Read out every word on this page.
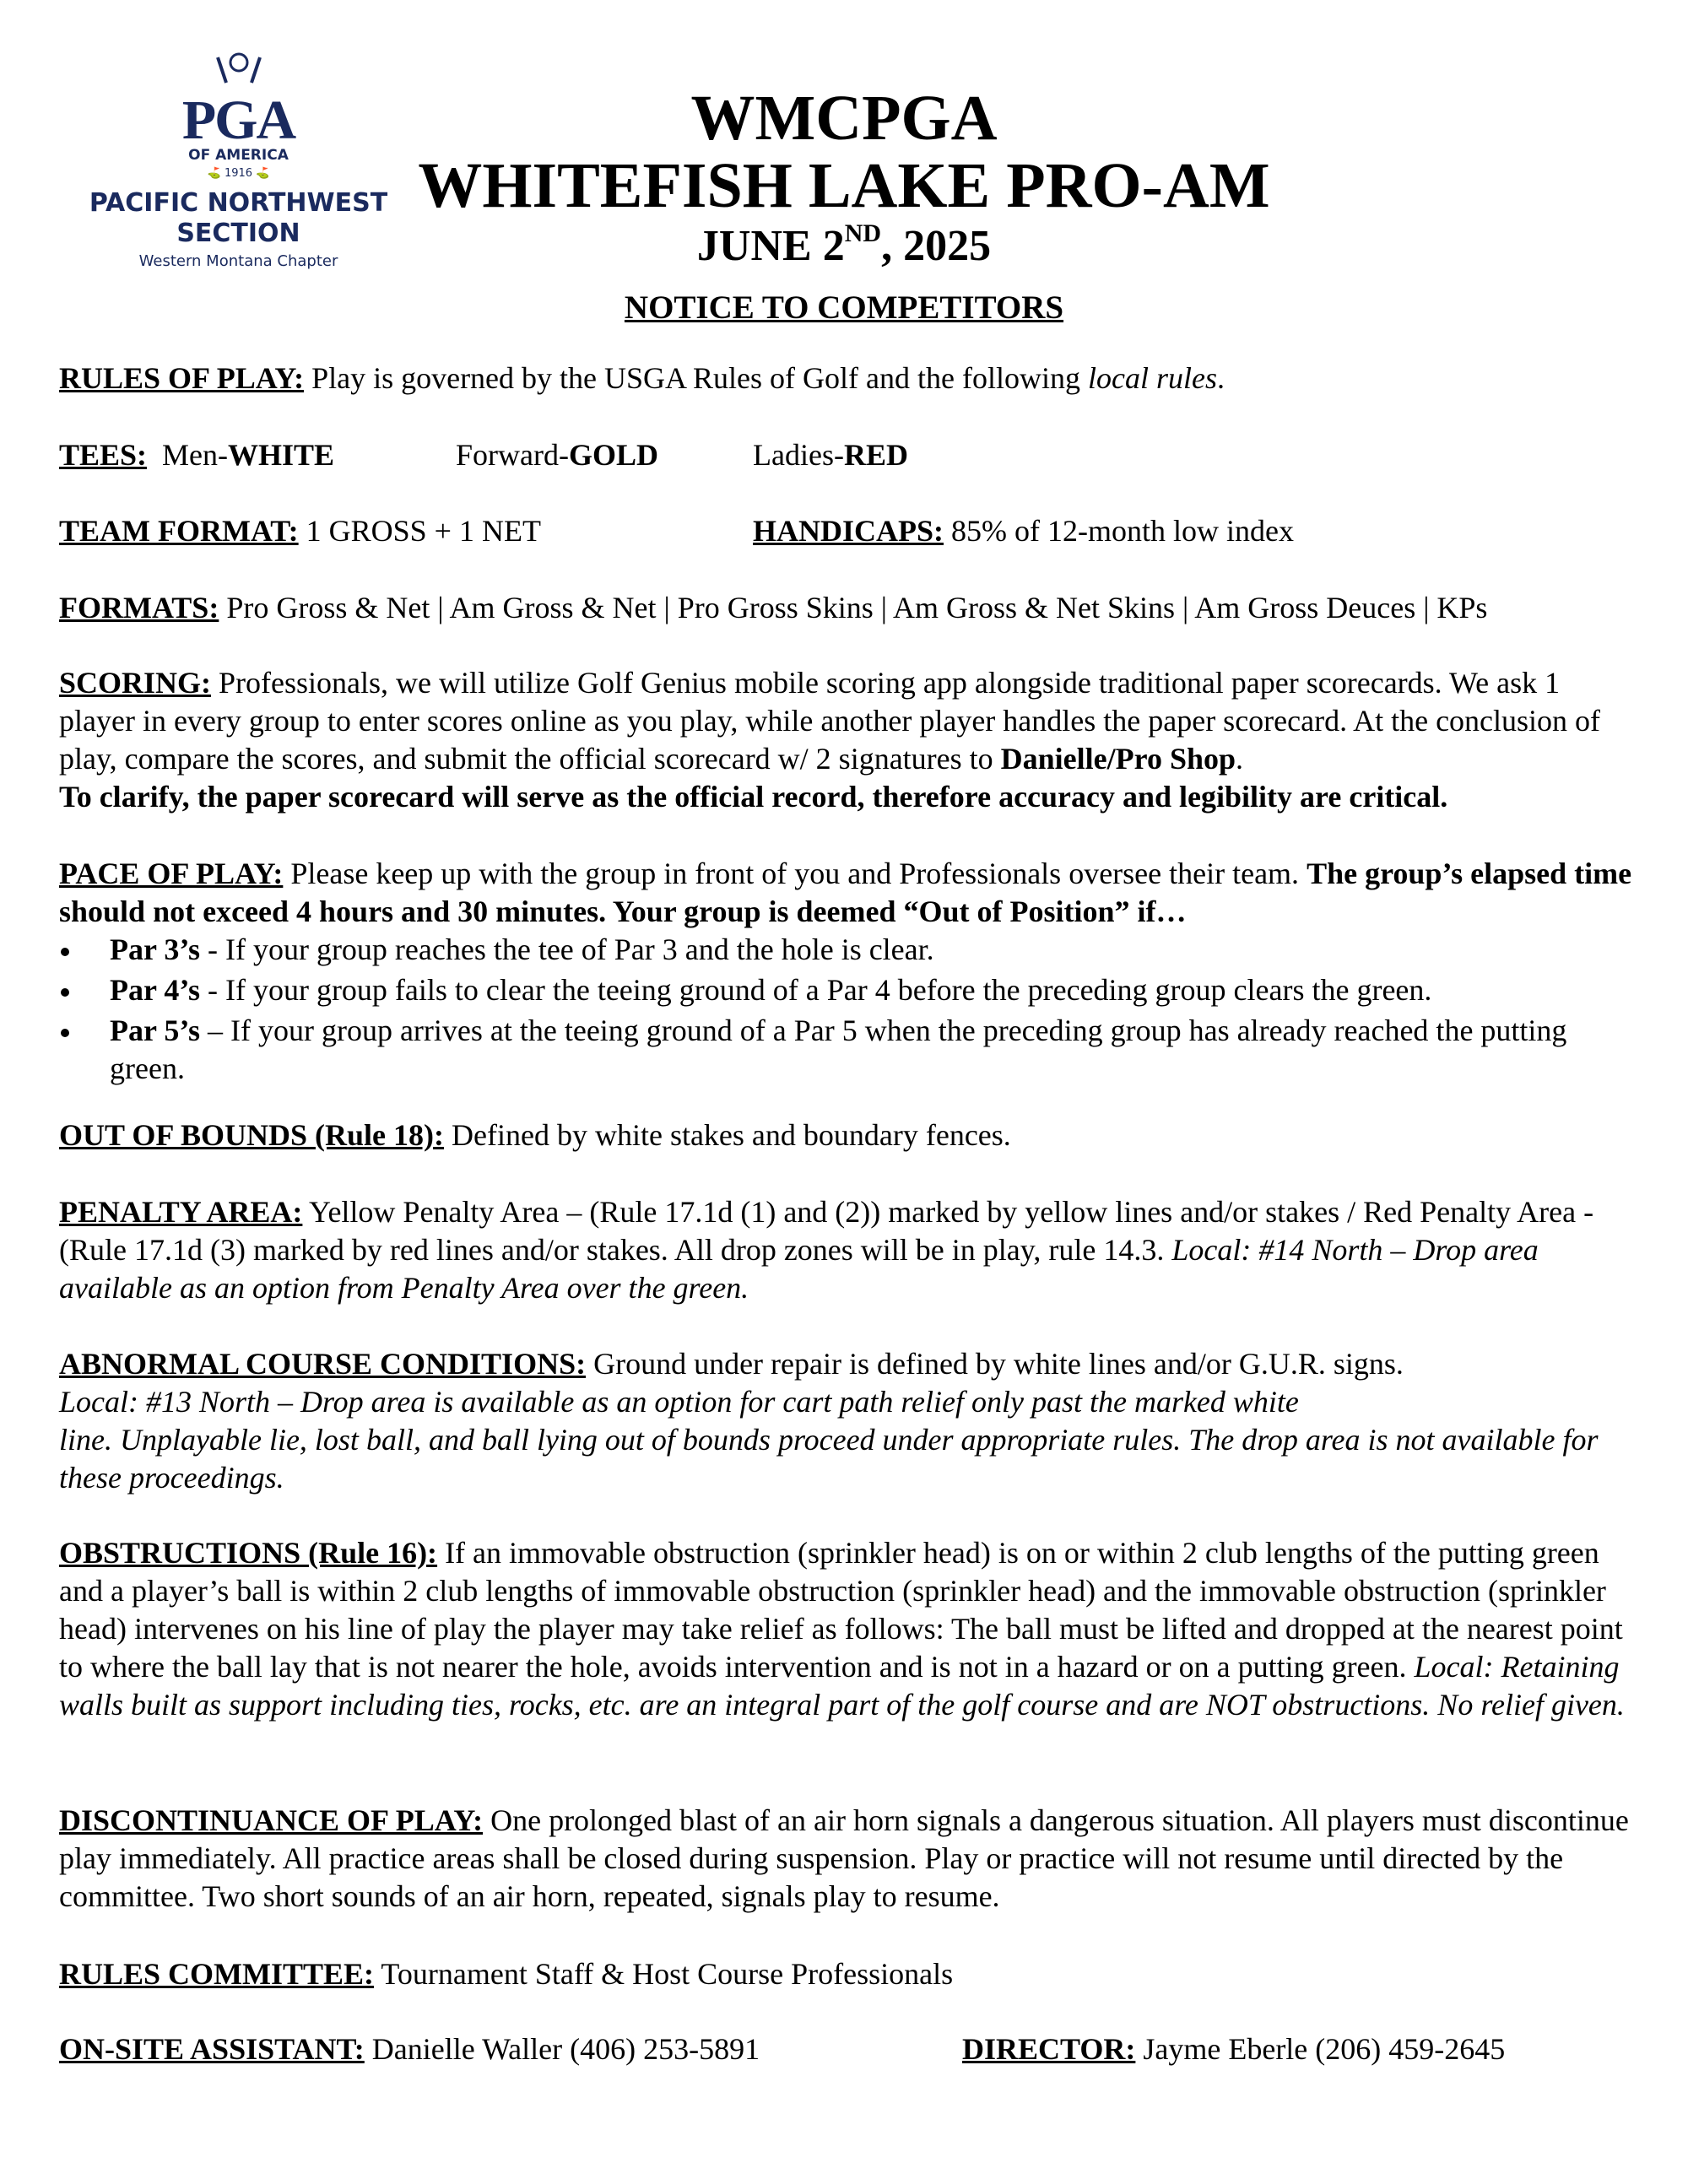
PGA
OF AMERICA
⛳ 1916 ⛳
PACIFIC NORTHWEST
SECTION
Western Montana Chapter
WMCPGA
WHITEFISH LAKE PRO-AM
JUNE 2ND, 2025
NOTICE TO COMPETITORS
RULES OF PLAY: Play is governed by the USGA Rules of Golf and the following local rules.
TEES: Men-WHITE	Forward-GOLD	Ladies-RED
TEAM FORMAT: 1 GROSS + 1 NET	HANDICAPS: 85% of 12-month low index
FORMATS: Pro Gross & Net | Am Gross & Net | Pro Gross Skins | Am Gross & Net Skins | Am Gross Deuces | KPs
SCORING: Professionals, we will utilize Golf Genius mobile scoring app alongside traditional paper scorecards. We ask 1 player in every group to enter scores online as you play, while another player handles the paper scorecard. At the conclusion of play, compare the scores, and submit the official scorecard w/ 2 signatures to Danielle/Pro Shop.
To clarify, the paper scorecard will serve as the official record, therefore accuracy and legibility are critical.
PACE OF PLAY: Please keep up with the group in front of you and Professionals oversee their team. The group’s elapsed time should not exceed 4 hours and 30 minutes. Your group is deemed “Out of Position” if…
Par 3’s - If your group reaches the tee of Par 3 and the hole is clear.
Par 4’s - If your group fails to clear the teeing ground of a Par 4 before the preceding group clears the green.
Par 5’s – If your group arrives at the teeing ground of a Par 5 when the preceding group has already reached the putting green.
OUT OF BOUNDS (Rule 18): Defined by white stakes and boundary fences.
PENALTY AREA: Yellow Penalty Area – (Rule 17.1d (1) and (2)) marked by yellow lines and/or stakes / Red Penalty Area - (Rule 17.1d (3) marked by red lines and/or stakes. All drop zones will be in play, rule 14.3. Local: #14 North – Drop area available as an option from Penalty Area over the green.
ABNORMAL COURSE CONDITIONS: Ground under repair is defined by white lines and/or G.U.R. signs.
Local: #13 North – Drop area is available as an option for cart path relief only past the marked white
line. Unplayable lie, lost ball, and ball lying out of bounds proceed under appropriate rules. The drop area is not available for these proceedings.
OBSTRUCTIONS (Rule 16): If an immovable obstruction (sprinkler head) is on or within 2 club lengths of the putting green and a player’s ball is within 2 club lengths of immovable obstruction (sprinkler head) and the immovable obstruction (sprinkler head) intervenes on his line of play the player may take relief as follows: The ball must be lifted and dropped at the nearest point to where the ball lay that is not nearer the hole, avoids intervention and is not in a hazard or on a putting green. Local: Retaining walls built as support including ties, rocks, etc. are an integral part of the golf course and are NOT obstructions. No relief given.
DISCONTINUANCE OF PLAY: One prolonged blast of an air horn signals a dangerous situation. All players must discontinue play immediately. All practice areas shall be closed during suspension. Play or practice will not resume until directed by the committee. Two short sounds of an air horn, repeated, signals play to resume.
RULES COMMITTEE: Tournament Staff & Host Course Professionals
ON-SITE ASSISTANT: Danielle Waller (406) 253-5891	DIRECTOR: Jayme Eberle (206) 459-2645
